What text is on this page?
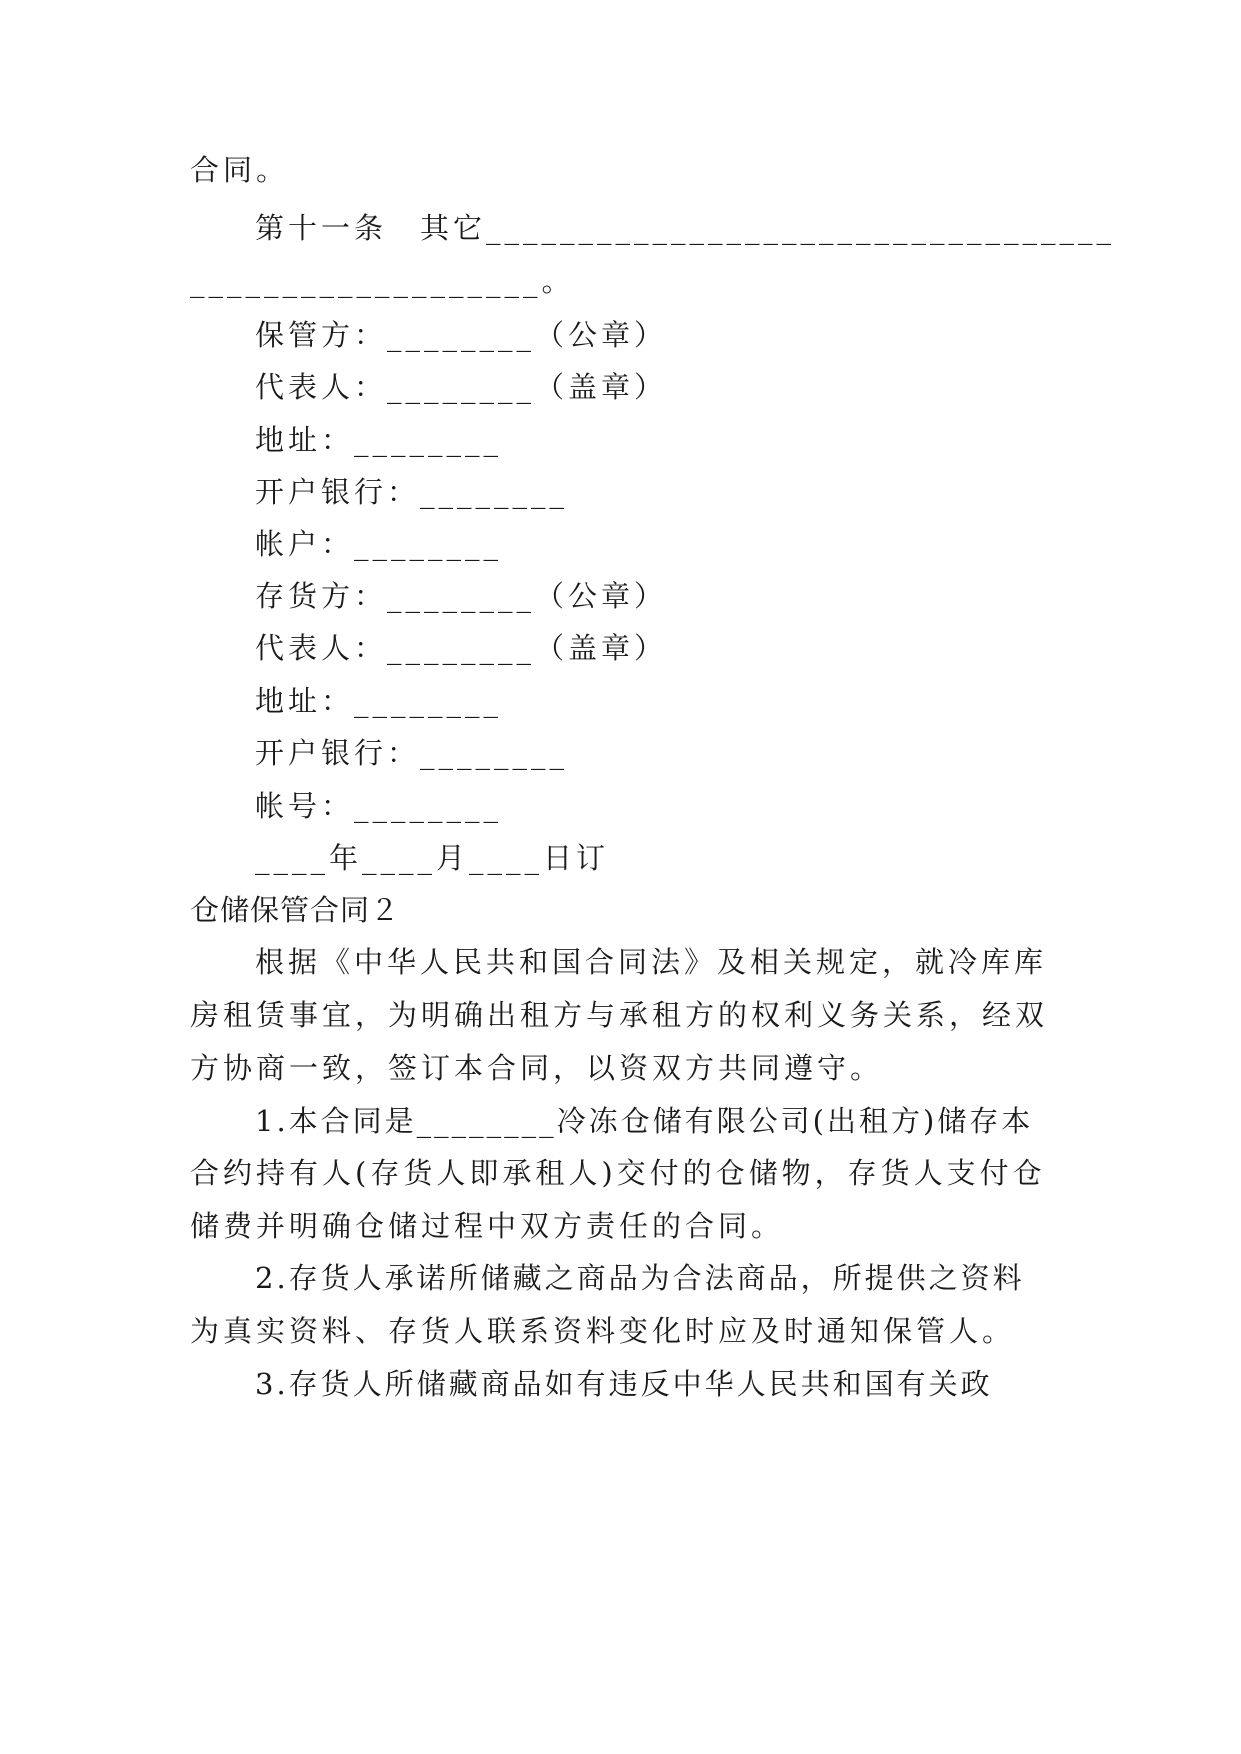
合同。
第十一条　其它__________________________________
___________________。
保管方：________（公章）
代表人：________（盖章）
地址：________
开户银行：________
帐户：________
存货方：________（公章）
代表人：________（盖章）
地址：________
开户银行：________
帐号：________
____年____月____日订
仓储保管合同２
根据《中华人民共和国合同法》及相关规定，就冷库库
房租赁事宜，为明确出租方与承租方的权利义务关系，经双
方协商一致，签订本合同，以资双方共同遵守。
1.本合同是________冷冻仓储有限公司(出租方)储存本
合约持有人(存货人即承租人)交付的仓储物，存货人支付仓
储费并明确仓储过程中双方责任的合同。
2.存货人承诺所储藏之商品为合法商品，所提供之资料
为真实资料、存货人联系资料变化时应及时通知保管人。
3.存货人所储藏商品如有违反中华人民共和国有关政
